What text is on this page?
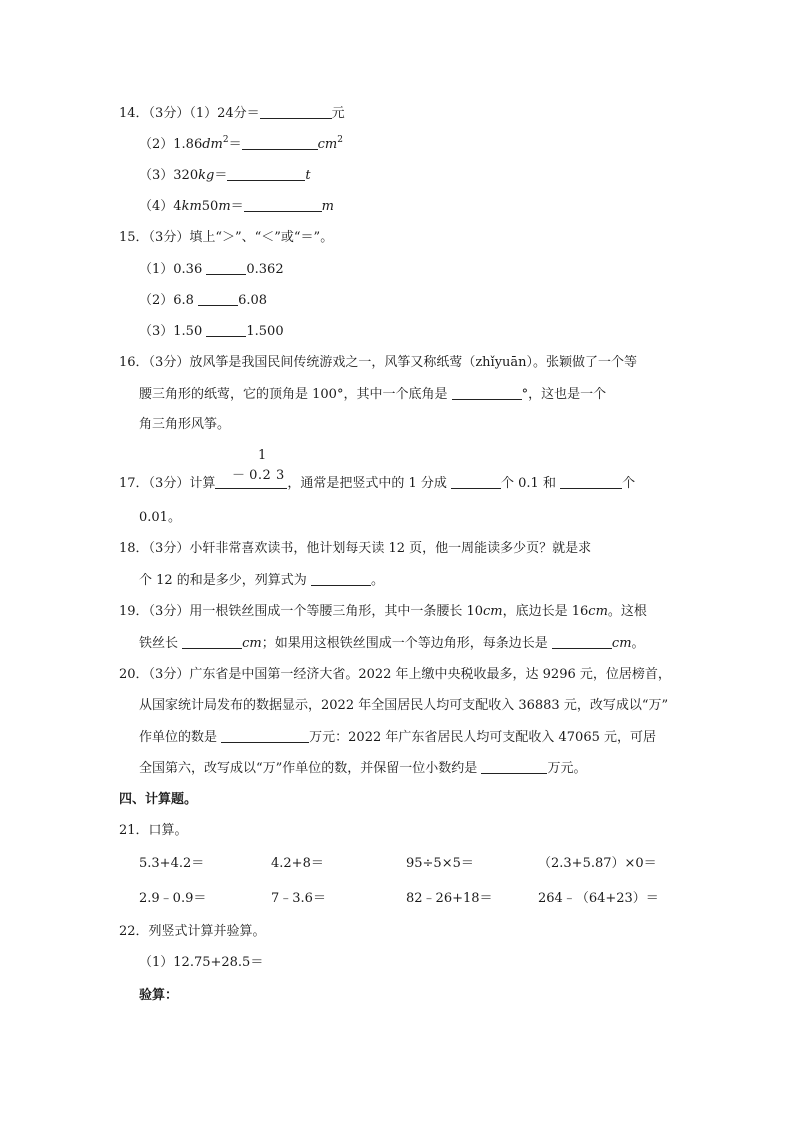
14．（3分）（1）24分＝	元
$(2)1.86dm^2=$	$cm^2$
（3）320kg＝	t
（4）4km50m＝	m
15．（3分）填上“＞”、“＜”或“＝”。
（1）0.36	0.362
（2）6.8	6.08
（3）1.50	1.500
16．（3分）放风筝是我国民间传统游戏之一，风筝又称纸莺（zhǐyuān）。张颖做了一个等
腰三角形的纸莺，它的顶角是 100°，其中一个底角是	°，这也是一个
角三角形风筝。
1
－ 0.2 3
17．（3分）计算	，通常是把竖式中的 1 分成	个 0.1 和	个
0.01。
18．（3分）小轩非常喜欢读书，他计划每天读 12 页，他一周能读多少页？就是求
个 12 的和是多少，列算式为	。
19．（3分）用一根铁丝围成一个等腰三角形，其中一条腰长 10cm，底边长是 16cm。这根
铁丝长	cm；如果用这根铁丝围成一个等边角形，每条边长是	cm。
20．（3分）广东省是中国第一经济大省。2022 年上缴中央税收最多，达 9296 元，位居榜首，
从国家统计局发布的数据显示，2022 年全国居民人均可支配收入 36883 元，改写成以“万”
作单位的数是	万元：2022 年广东省居民人均可支配收入 47065 元，可居
全国第六，改写成以“万”作单位的数，并保留一位小数约是	万元。
四、计算题。
21．口算。
5.3+4.2＝	4.2+8＝	95÷5×5＝	（2.3+5.87）×0＝
2.9﹣0.9＝	7﹣3.6＝	82﹣26+18＝	264﹣（64+23）＝
22．列竖式计算并验算。
（1）12.75+28.5＝
验算：
